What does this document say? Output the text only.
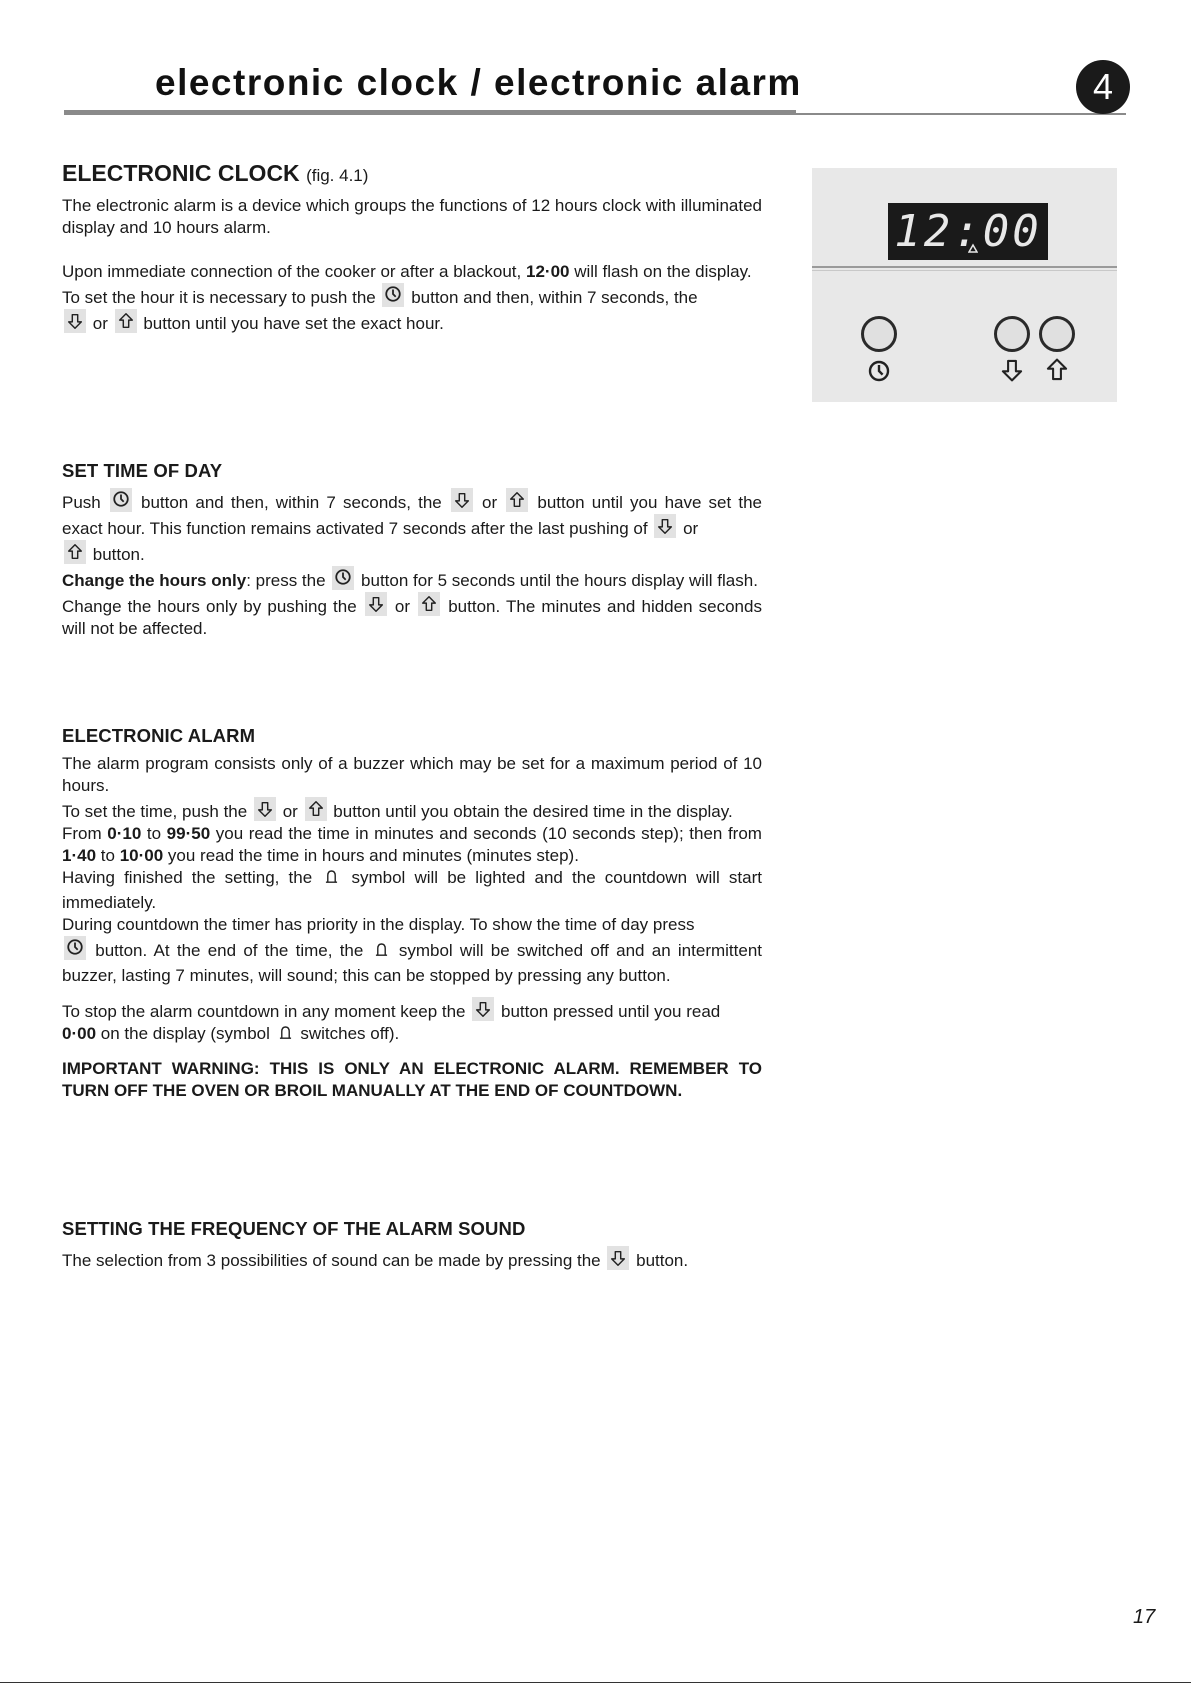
electronic clock / electronic alarm	4
ELECTRONIC CLOCK (fig. 4.1)

The electronic alarm is a device which groups the functions of 12 hours clock with illuminated display and 10 hours alarm.

Upon immediate connection of the cooker or after a blackout, 12·00 will flash on the display.
To set the hour it is necessary to push the button and then, within 7 seconds, the

or button until you have set the exact hour.

SET TIME OF DAY

Push button and then, within 7 seconds, the or button until you have set the exact hour. This function remains activated 7 seconds after the last pushing of or

button.
Change the hours only: press the button for 5 seconds until the hours display will flash.
Change the hours only by pushing the or button. The minutes and hidden seconds will not be affected.

ELECTRONIC ALARM

The alarm program consists only of a buzzer which may be set for a maximum period of 10 hours.
To set the time, push the or button until you obtain the desired time in the display.
From 0·10 to 99·50 you read the time in minutes and seconds (10 seconds step); then from 1·40 to 10·00 you read the time in hours and minutes (minutes step).
Having finished the setting, the symbol will be lighted and the countdown will start immediately.
During countdown the timer has priority in the display. To show the time of day press

button. At the end of the time, the symbol will be switched off and an intermittent buzzer, lasting 7 minutes, will sound; this can be stopped by pressing any button.

To stop the alarm countdown in any moment keep the button pressed until you read
0·00 on the display (symbol switches off).

IMPORTANT WARNING: THIS IS ONLY AN ELECTRONIC ALARM. REMEMBER TO TURN OFF THE OVEN OR BROIL MANUALLY AT THE END OF COUNTDOWN.

SETTING THE FREQUENCY OF THE ALARM SOUND

The selection from 3 possibilities of sound can be made by pressing the button.

12:00
17
